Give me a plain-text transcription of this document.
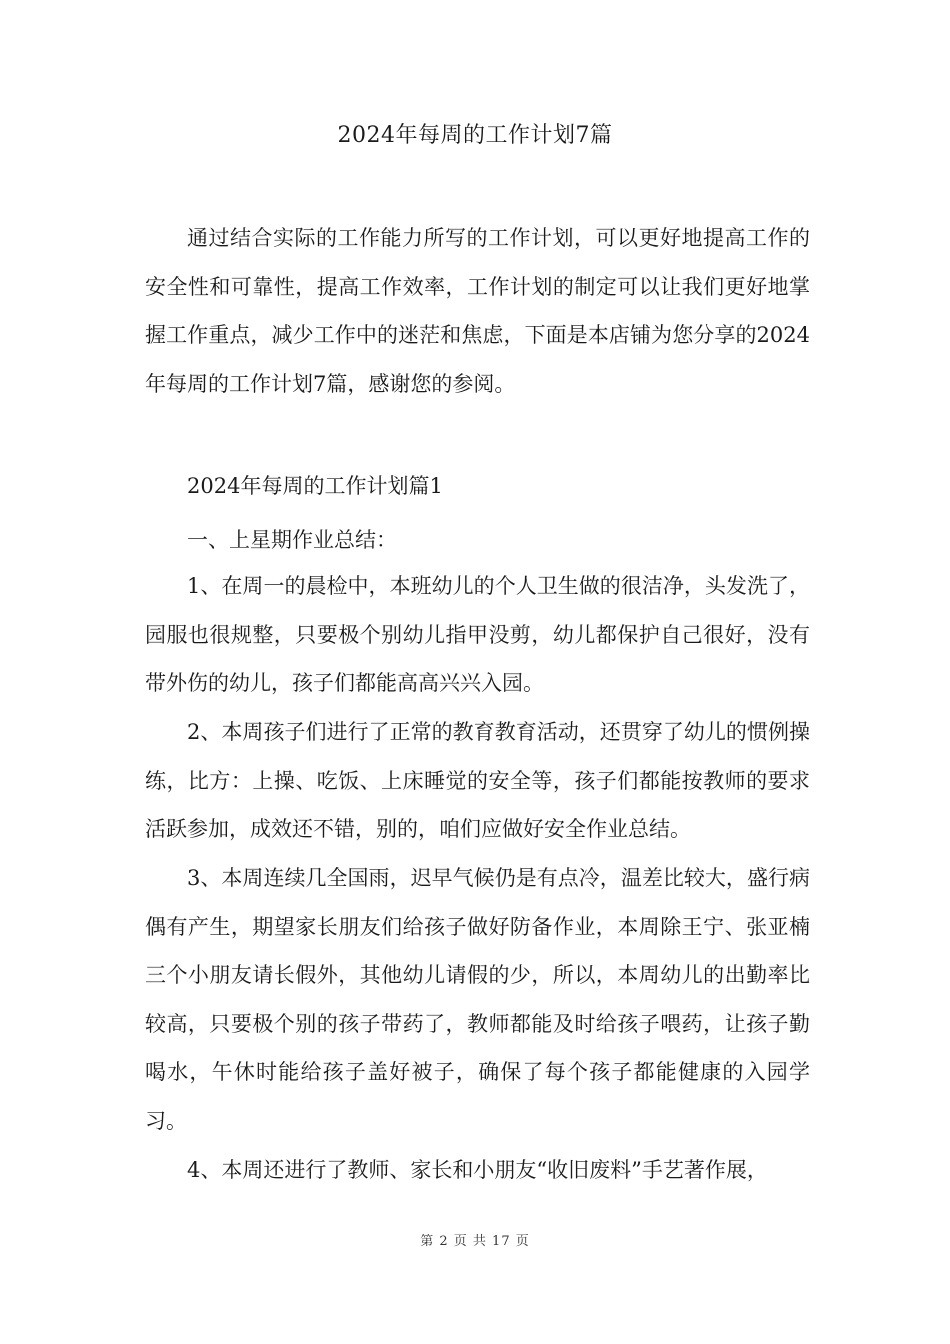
2024年每周的工作计划7篇

通过结合实际的工作能力所写的工作计划，可以更好地提高工作的安全性和可靠性，提高工作效率，工作计划的制定可以让我们更好地掌握工作重点，减少工作中的迷茫和焦虑，下面是本店铺为您分享的2024年每周的工作计划7篇，感谢您的参阅。

2024年每周的工作计划篇1

一、上星期作业总结：

1、在周一的晨检中，本班幼儿的个人卫生做的很洁净，头发洗了，园服也很规整，只要极个别幼儿指甲没剪，幼儿都保护自己很好，没有带外伤的幼儿，孩子们都能高高兴兴入园。

2、本周孩子们进行了正常的教育教育活动，还贯穿了幼儿的惯例操练，比方：上操、吃饭、上床睡觉的安全等，孩子们都能按教师的要求活跃参加，成效还不错，别的，咱们应做好安全作业总结。

3、本周连续几全国雨，迟早气候仍是有点冷，温差比较大，盛行病偶有产生，期望家长朋友们给孩子做好防备作业，本周除王宁、张亚楠三个小朋友请长假外，其他幼儿请假的少，所以，本周幼儿的出勤率比较高，只要极个别的孩子带药了，教师都能及时给孩子喂药，让孩子勤喝水，午休时能给孩子盖好被子，确保了每个孩子都能健康的入园学习。

4、本周还进行了教师、家长和小朋友“收旧废料”手艺著作展，

第 2 页 共 17 页
